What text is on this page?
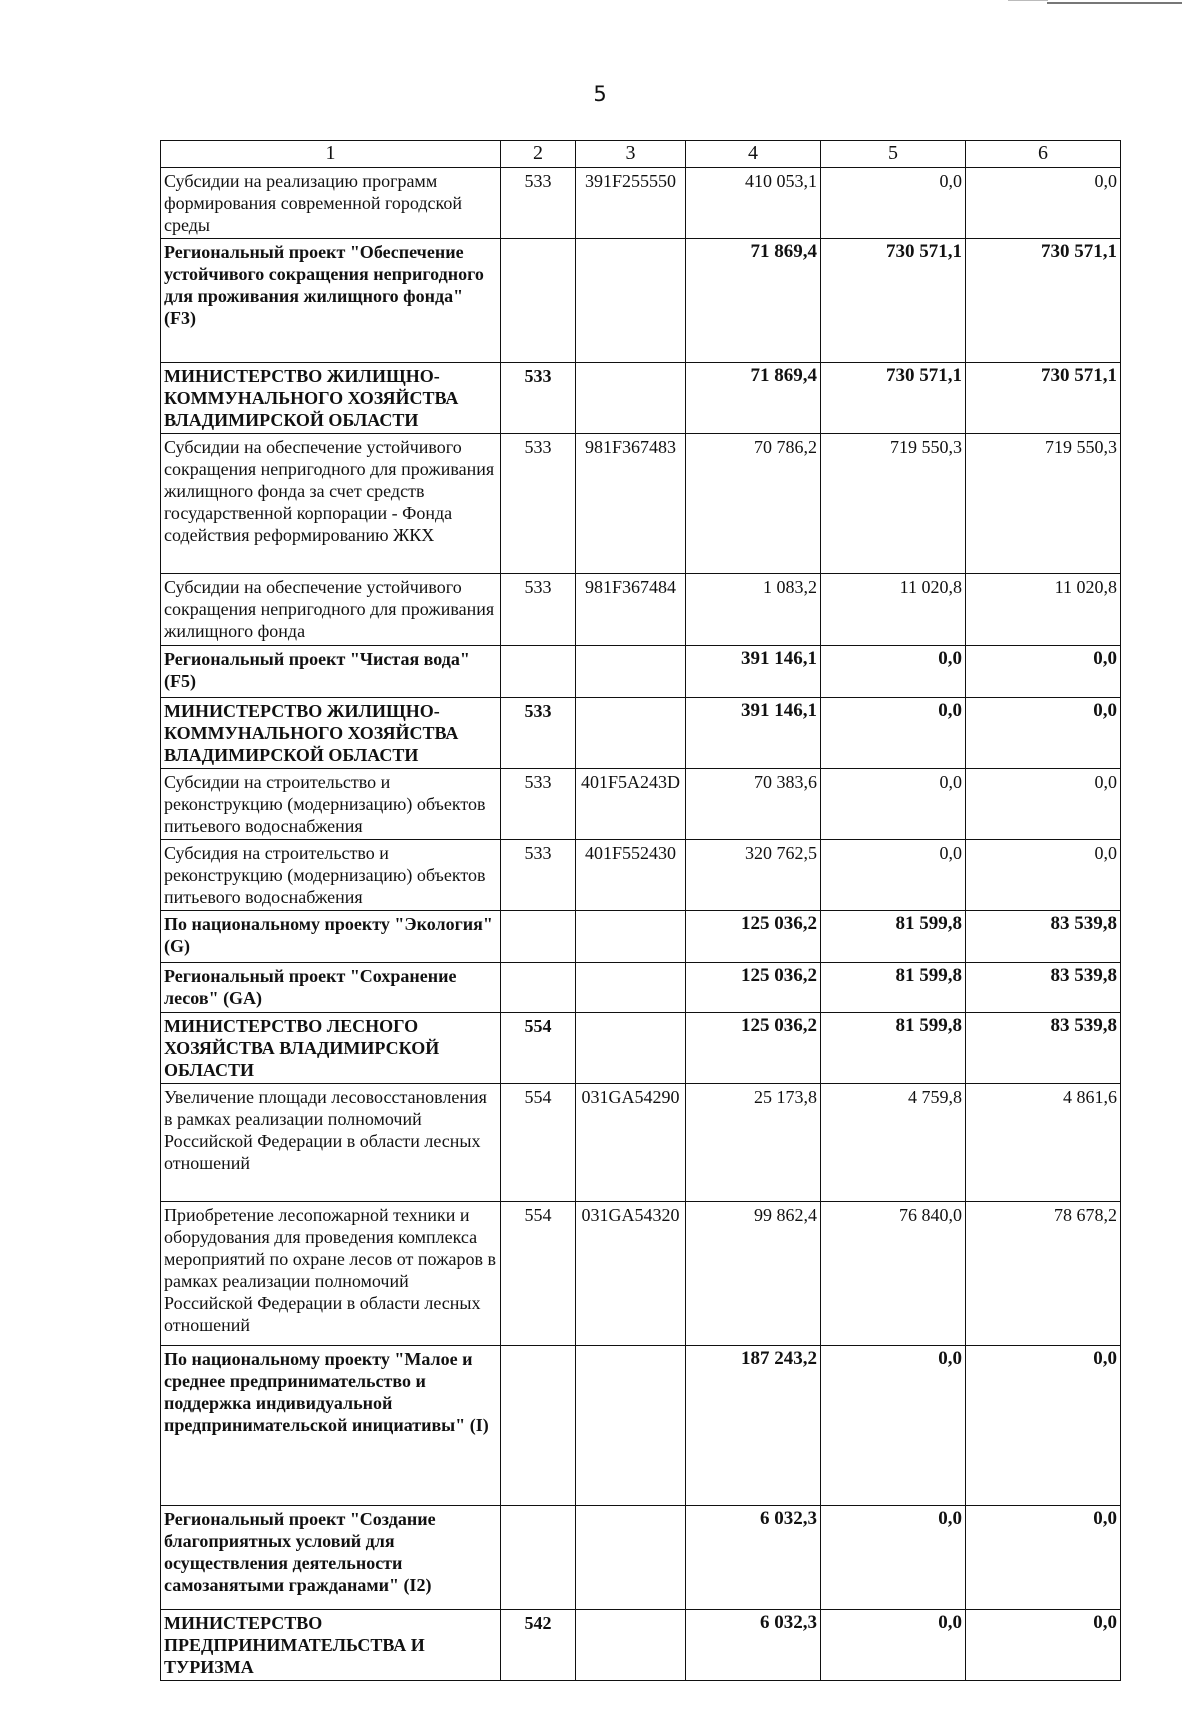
5
1	2	3	4	5	6
Субсидии на реализацию программ формирования современной городской среды	533	391F255550	410 053,1	0,0	0,0
Региональный проект "Обеспечение устойчивого сокращения непригодного для проживания жилищного фонда" (F3)			71 869,4	730 571,1	730 571,1
МИНИСТЕРСТВО ЖИЛИЩНО-КОММУНАЛЬНОГО ХОЗЯЙСТВА ВЛАДИМИРСКОЙ ОБЛАСТИ	533		71 869,4	730 571,1	730 571,1
Субсидии на обеспечение устойчивого сокращения непригодного для проживания жилищного фонда за счет средств государственной корпорации - Фонда содействия реформированию ЖКХ	533	981F367483	70 786,2	719 550,3	719 550,3
Субсидии на обеспечение устойчивого сокращения непригодного для проживания жилищного фонда	533	981F367484	1 083,2	11 020,8	11 020,8
Региональный проект "Чистая вода" (F5)			391 146,1	0,0	0,0
МИНИСТЕРСТВО ЖИЛИЩНО-КОММУНАЛЬНОГО ХОЗЯЙСТВА ВЛАДИМИРСКОЙ ОБЛАСТИ	533		391 146,1	0,0	0,0
Субсидии на строительство и реконструкцию (модернизацию) объектов питьевого водоснабжения	533	401F5A243D	70 383,6	0,0	0,0
Субсидия на строительство и реконструкцию (модернизацию) объектов питьевого водоснабжения	533	401F552430	320 762,5	0,0	0,0
По национальному проекту "Экология" (G)			125 036,2	81 599,8	83 539,8
Региональный проект "Сохранение лесов" (GA)			125 036,2	81 599,8	83 539,8
МИНИСТЕРСТВО ЛЕСНОГО ХОЗЯЙСТВА ВЛАДИМИРСКОЙ ОБЛАСТИ	554		125 036,2	81 599,8	83 539,8
Увеличение площади лесовосстановления в рамках реализации полномочий Российской Федерации в области лесных отношений	554	031GA54290	25 173,8	4 759,8	4 861,6
Приобретение лесопожарной техники и оборудования для проведения комплекса мероприятий по охране лесов от пожаров в рамках реализации полномочий Российской Федерации в области лесных отношений	554	031GA54320	99 862,4	76 840,0	78 678,2
По национальному проекту "Малое и среднее предпринимательство и поддержка индивидуальной предпринимательской инициативы" (I)			187 243,2	0,0	0,0
Региональный проект "Создание благоприятных условий для осуществления деятельности самозанятыми гражданами" (I2)			6 032,3	0,0	0,0
МИНИСТЕРСТВО ПРЕДПРИНИМАТЕЛЬСТВА И ТУРИЗМА	542		6 032,3	0,0	0,0
